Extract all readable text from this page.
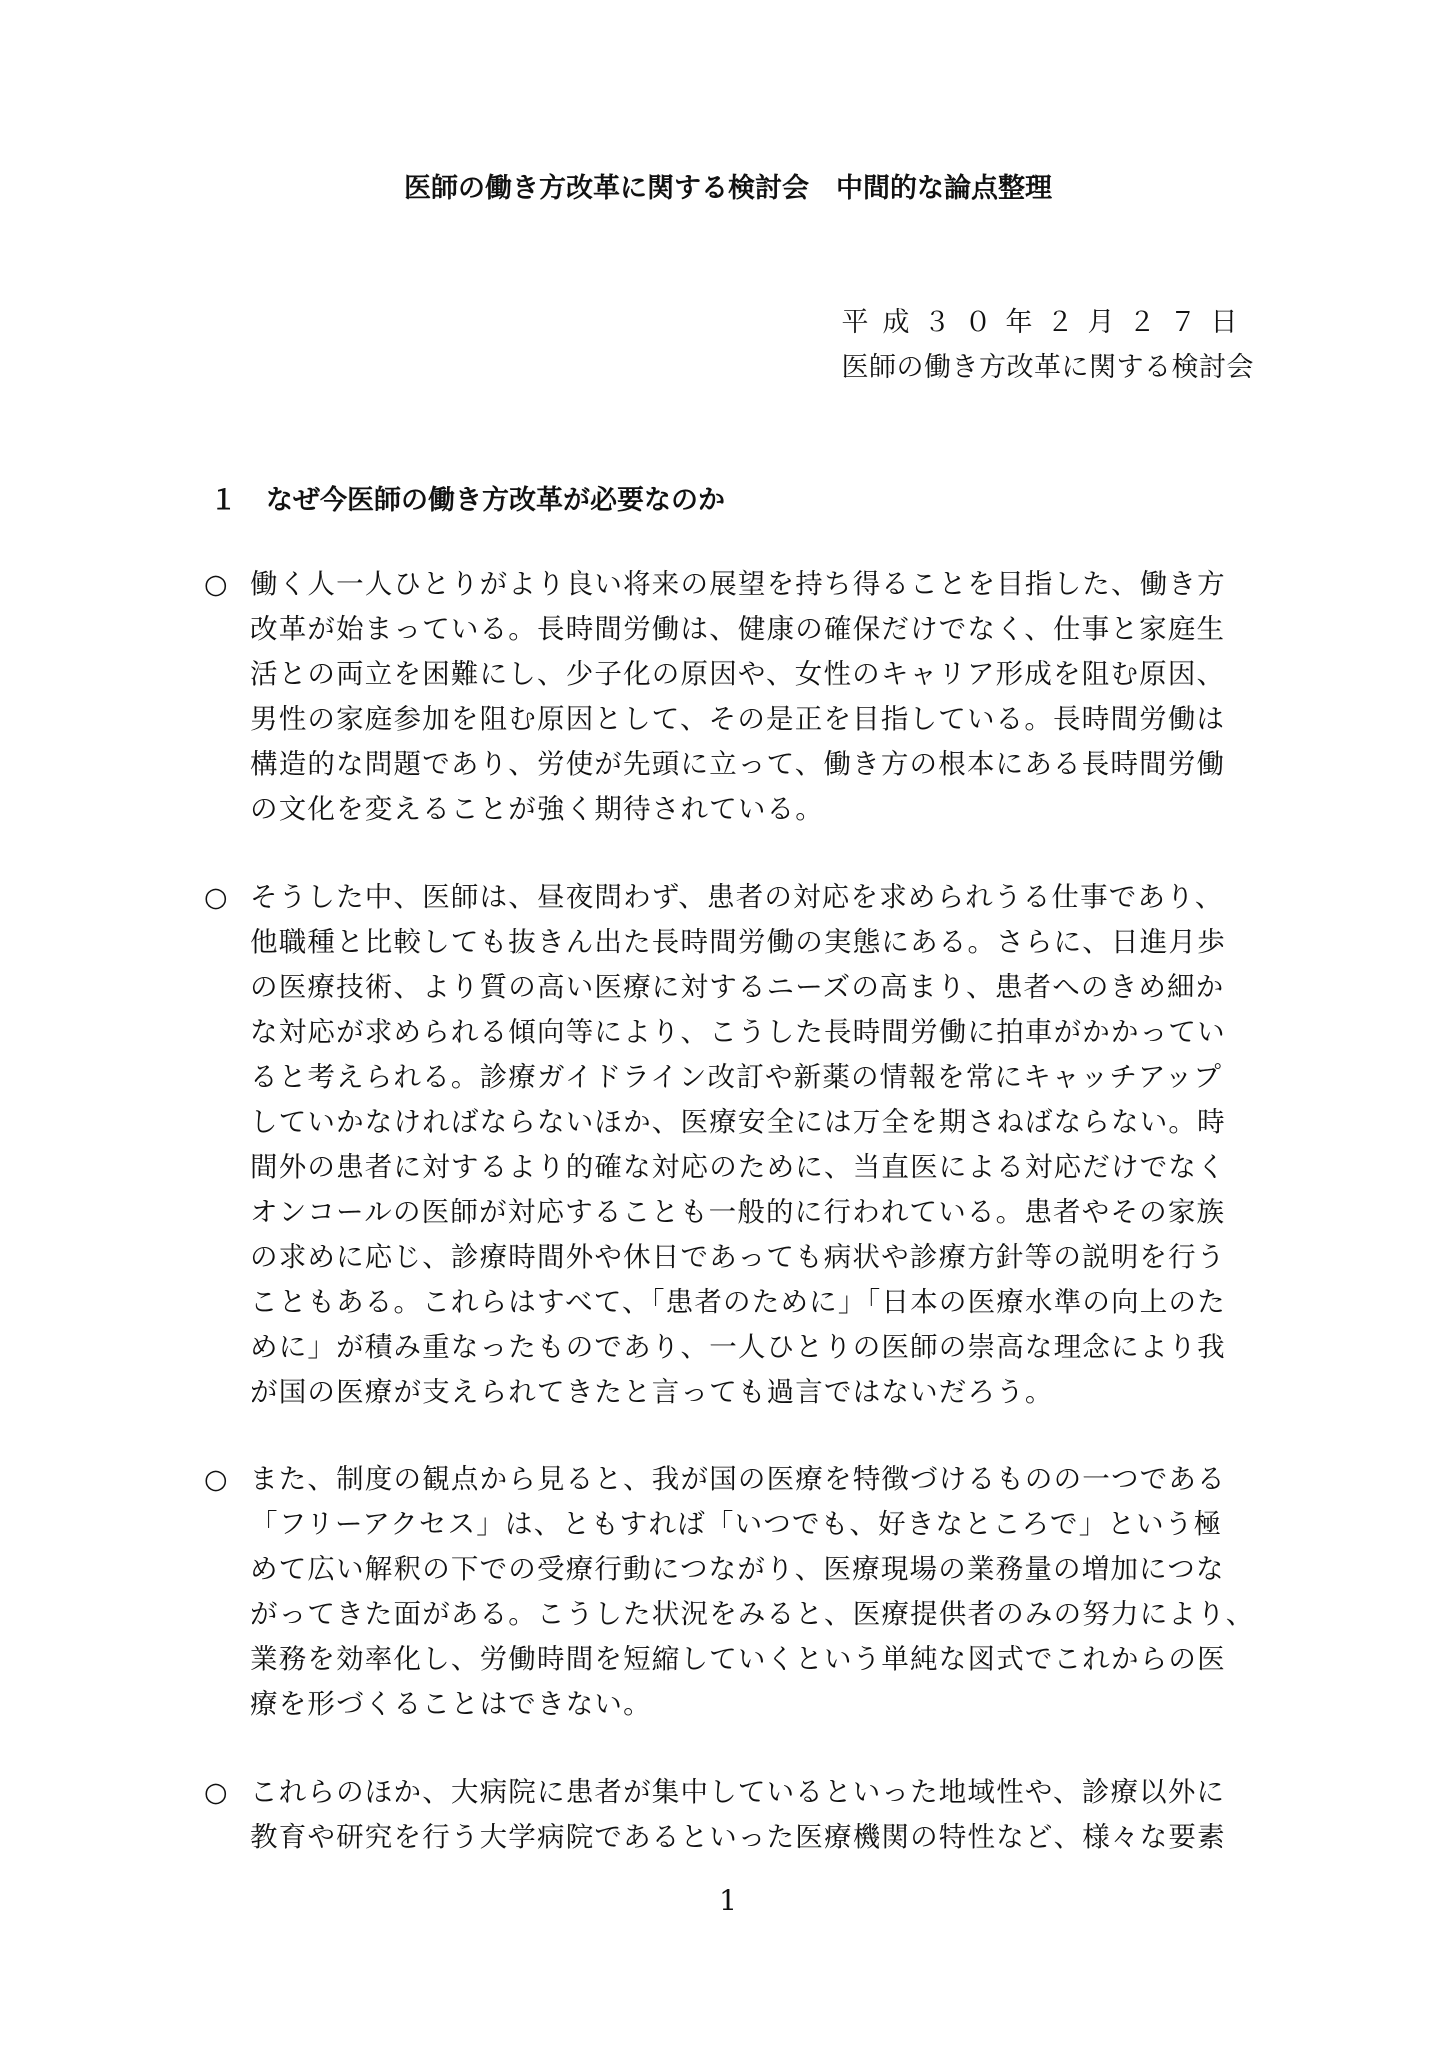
医師の働き方改革に関する検討会　中間的な論点整理
平成３０年２月２７日
医師の働き方改革に関する検討会
１ なぜ今医師の働き方改革が必要なのか
○ 働く人一人ひとりがより良い将来の展望を持ち得ることを目指した、働き方
改革が始まっている。長時間労働は、健康の確保だけでなく、仕事と家庭生
活との両立を困難にし、少子化の原因や、女性のキャリア形成を阻む原因、
男性の家庭参加を阻む原因として、その是正を目指している。長時間労働は
構造的な問題であり、労使が先頭に立って、働き方の根本にある長時間労働
の文化を変えることが強く期待されている。
○ そうした中、医師は、昼夜問わず、患者の対応を求められうる仕事であり、
他職種と比較しても抜きん出た長時間労働の実態にある。さらに、日進月歩
の医療技術、より質の高い医療に対するニーズの高まり、患者へのきめ細か
な対応が求められる傾向等により、こうした長時間労働に拍車がかかってい
ると考えられる。診療ガイドライン改訂や新薬の情報を常にキャッチアップ
していかなければならないほか、医療安全には万全を期さねばならない。時
間外の患者に対するより的確な対応のために、当直医による対応だけでなく
オンコールの医師が対応することも一般的に行われている。患者やその家族
の求めに応じ、診療時間外や休日であっても病状や診療方針等の説明を行う
こともある。これらはすべて、「患者のために」「日本の医療水準の向上のた
めに」が積み重なったものであり、一人ひとりの医師の崇高な理念により我
が国の医療が支えられてきたと言っても過言ではないだろう。
○ また、制度の観点から見ると、我が国の医療を特徴づけるものの一つである
「フリーアクセス」は、ともすれば「いつでも、好きなところで」という極
めて広い解釈の下での受療行動につながり、医療現場の業務量の増加につな
がってきた面がある。こうした状況をみると、医療提供者のみの努力により、
業務を効率化し、労働時間を短縮していくという単純な図式でこれからの医
療を形づくることはできない。
○ これらのほか、大病院に患者が集中しているといった地域性や、診療以外に
教育や研究を行う大学病院であるといった医療機関の特性など、様々な要素
1
